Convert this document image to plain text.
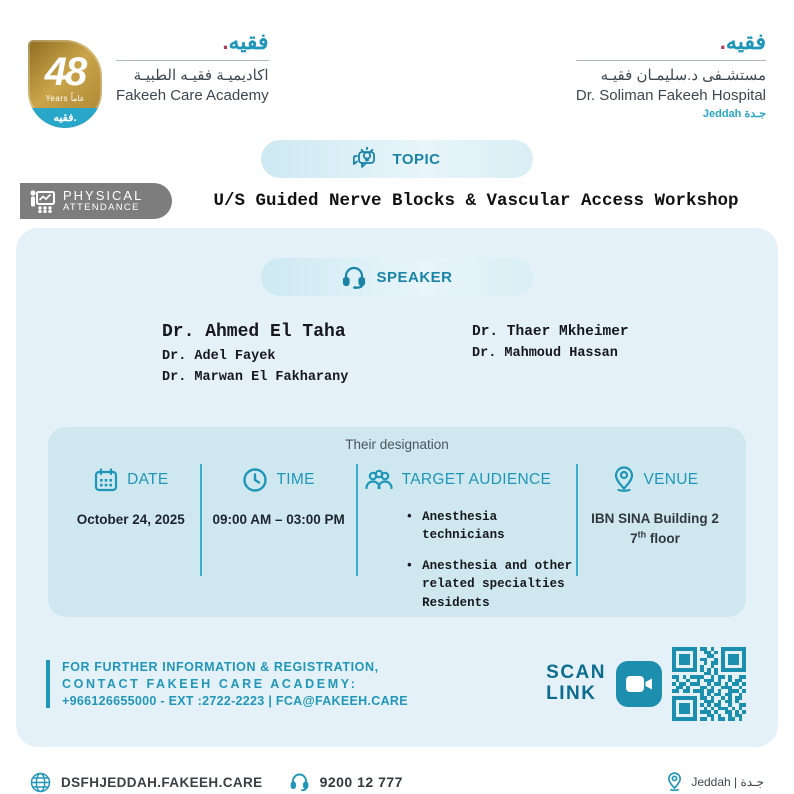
48
Years عاماً
فقيه.
فقيه.
اكاديميـة فقيـه الطبيـة
Fakeeh Care Academy
فقيه.
مستشـفى د.سليمـان فقيـه
Dr. Soliman Fakeeh Hospital
Jeddah جـدة
TOPIC
PHYSICAL
ATTENDANCE	U/S Guided Nerve Blocks & Vascular Access Workshop
SPEAKER
Dr. Ahmed El Taha
Dr. Adel Fayek
Dr. Marwan El Fakharany
Dr. Thaer Mkheimer
Dr. Mahmoud Hassan
Their designation
DATE
October 24, 2025
TIME
09:00 AM – 03:00 PM
TARGET AUDIENCE
• Anesthesia technicians
• Anesthesia and other related specialties Residents
VENUE
IBN SINA Building 2
7th floor
FOR FURTHER INFORMATION & REGISTRATION,
CONTACT FAKEEH CARE ACADEMY:
+966126655000 - EXT :2722-2223 | FCA@FAKEEH.CARE
SCAN
LINK
DSFHJEDDAH.FAKEEH.CARE	9200 12 777	Jeddah | جـدة
